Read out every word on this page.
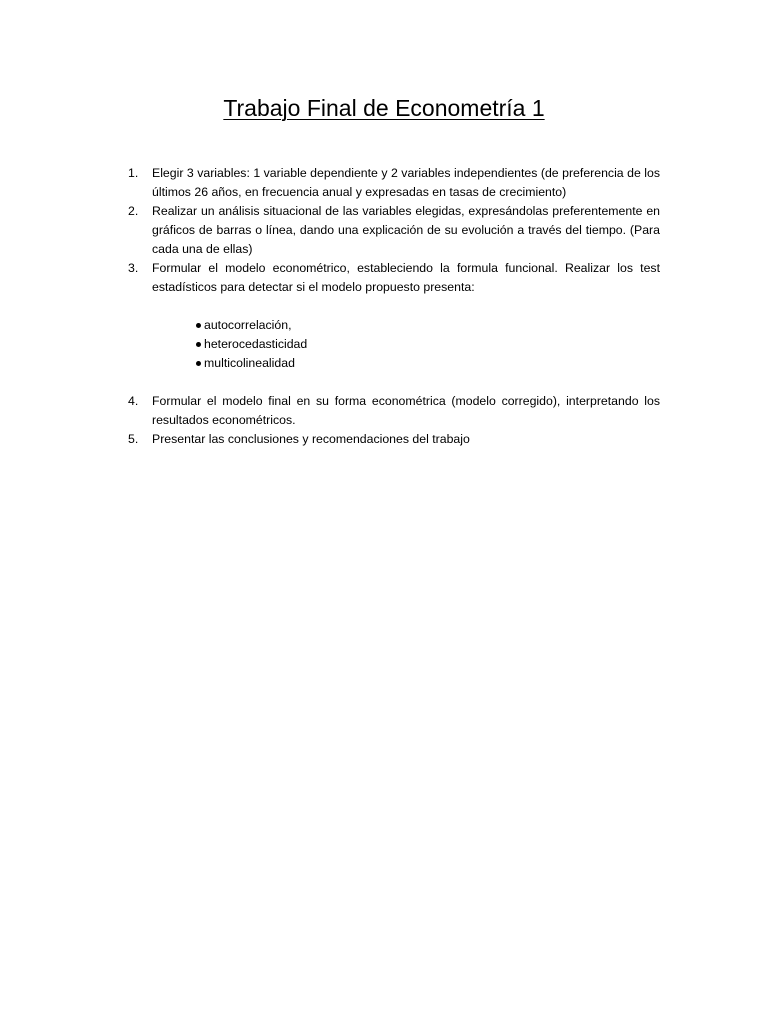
Trabajo Final de Econometría 1
1. Elegir 3 variables: 1 variable dependiente y 2 variables independientes (de preferencia de los últimos 26 años, en frecuencia anual y expresadas en tasas de crecimiento)
2. Realizar un análisis situacional de las variables elegidas, expresándolas preferentemente en gráficos de barras o línea, dando una explicación de su evolución a través del tiempo. (Para cada una de ellas)
3. Formular el modelo econométrico, estableciendo la formula funcional. Realizar los test estadísticos para detectar si el modelo propuesto presenta:
autocorrelación,
heterocedasticidad
multicolinealidad
4. Formular el modelo final en su forma econométrica (modelo corregido), interpretando los resultados econométricos.
5. Presentar las conclusiones y recomendaciones del trabajo
